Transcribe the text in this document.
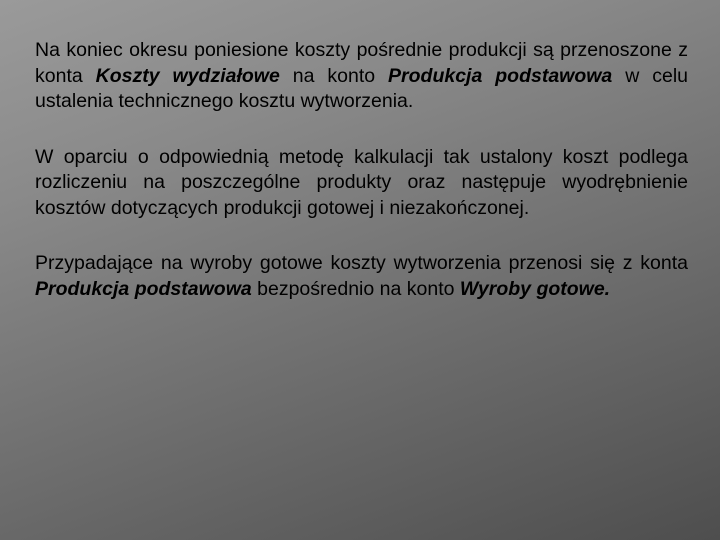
Na koniec okresu poniesione koszty pośrednie produkcji są przenoszone z konta Koszty wydziałowe na konto Produkcja podstawowa w celu ustalenia technicznego kosztu wytworzenia.

W oparciu o odpowiednią metodę kalkulacji tak ustalony koszt podlega rozliczeniu na poszczególne produkty oraz następuje wyodrębnienie kosztów dotyczących produkcji gotowej i niezakończonej.

Przypadające na wyroby gotowe koszty wytworzenia przenosi się z konta Produkcja podstawowa bezpośrednio na konto Wyroby gotowe.
